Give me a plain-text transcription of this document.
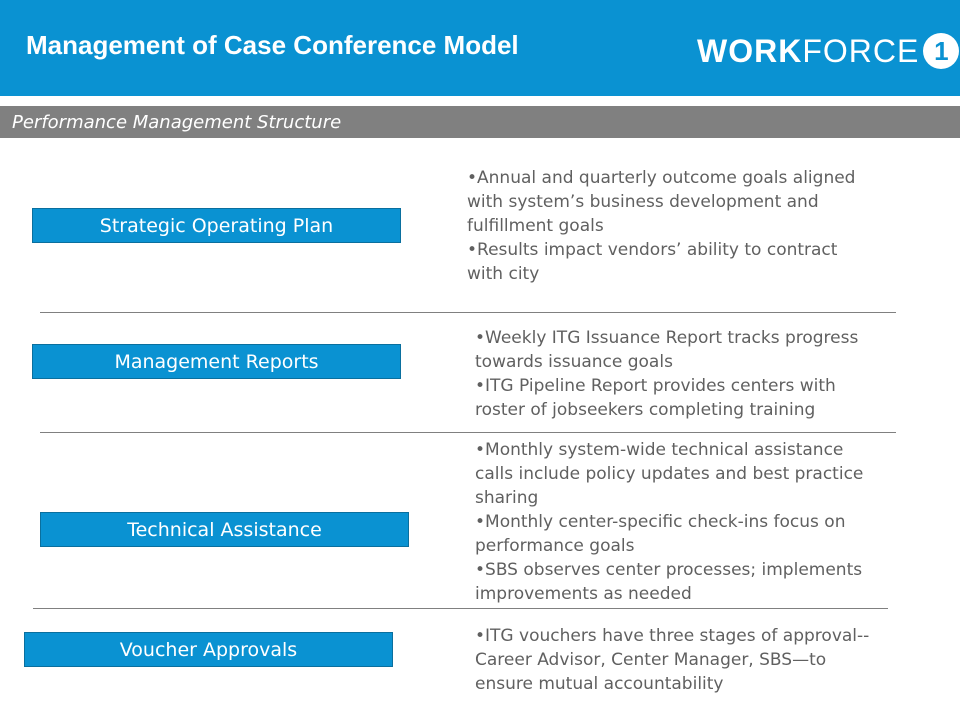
Management of Case Conference Model	WORK FORCE 1
Performance Management Structure
Strategic Operating Plan
•Annual and quarterly outcome goals aligned
with system’s business development and
fulfillment goals
•Results impact vendors’ ability to contract
with city
Management Reports
•Weekly ITG Issuance Report tracks progress
towards issuance goals
•ITG Pipeline Report provides centers with
roster of jobseekers completing training
Technical Assistance
•Monthly system-wide technical assistance
calls include policy updates and best practice
sharing
•Monthly center-specific check-ins focus on
performance goals
•SBS observes center processes; implements
improvements as needed
Voucher Approvals
•ITG vouchers have three stages of approval--
Career Advisor, Center Manager, SBS—to
ensure mutual accountability
